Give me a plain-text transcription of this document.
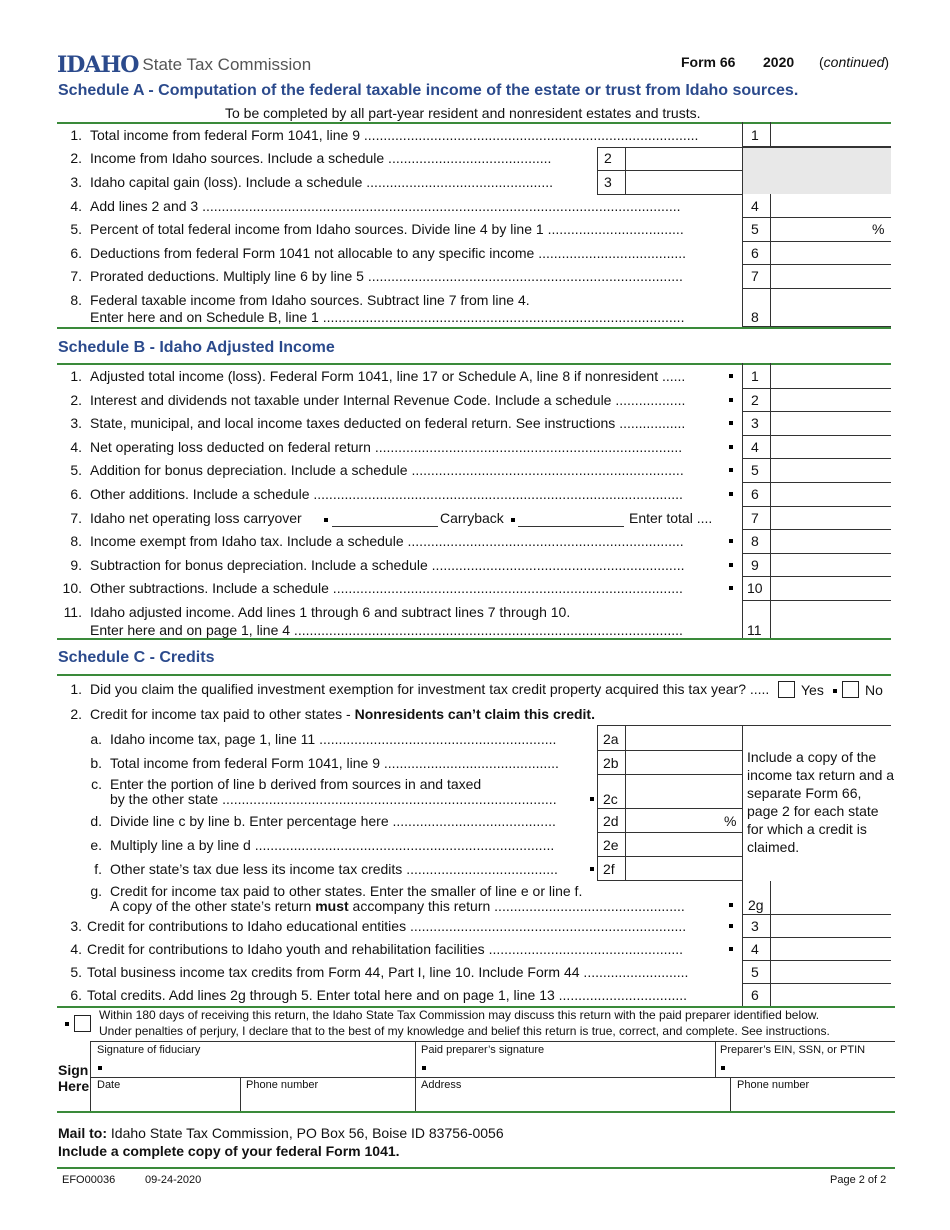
IDAHO State Tax Commission	Form 66 2020 (continued)
Schedule A - Computation of the federal taxable income of the estate or trust from Idaho sources.
To be completed by all part-year resident and nonresident estates and trusts.
1. Total income from federal Form 1041, line 9 ......................................................................................	1
2. Income from Idaho sources. Include a schedule ..........................................	2
3. Idaho capital gain (loss). Include a schedule ................................................	3
4. Add lines 2 and 3 ...........................................................................................................................	4
5. Percent of total federal income from Idaho sources. Divide line 4 by line 1 ...................................	5	%
6. Deductions from federal Form 1041 not allocable to any specific income ......................................	6
7. Prorated deductions. Multiply line 6 by line 5 .................................................................................	7
8. Federal taxable income from Idaho sources. Subtract line 7 from line 4.
Enter here and on Schedule B, line 1 .............................................................................................	8
Schedule B - Idaho Adjusted Income
1. Adjusted total income (loss). Federal Form 1041, line 17 or Schedule A, line 8 if nonresident ......	1
2. Interest and dividends not taxable under Internal Revenue Code. Include a schedule ..................	2
3. State, municipal, and local income taxes deducted on federal return. See instructions .................	3
4. Net operating loss deducted on federal return ...............................................................................	4
5. Addition for bonus depreciation. Include a schedule ......................................................................	5
6. Other additions. Include a schedule ...............................................................................................	6
7. Idaho net operating loss carryover	Carryback	Enter total ....	7
8. Income exempt from Idaho tax. Include a schedule .......................................................................	8
9. Subtraction for bonus depreciation. Include a schedule .................................................................	9
10. Other subtractions. Include a schedule ..........................................................................................	10
11. Idaho adjusted income. Add lines 1 through 6 and subtract lines 7 through 10.
Enter here and on page 1, line 4 ....................................................................................................	11
Schedule C - Credits
1. Did you claim the qualified investment exemption for investment tax credit property acquired this tax year? .....	Yes	No
2. Credit for income tax paid to other states - Nonresidents can’t claim this credit.
a. Idaho income tax, page 1, line 11 .............................................................	2a
b. Total income from federal Form 1041, line 9 .............................................	2b
c. Enter the portion of line b derived from sources in and taxed
by the other state ......................................................................................	2c
d. Divide line c by line b. Enter percentage here ..........................................	2d	%
e. Multiply line a by line d .............................................................................	2e
f. Other state’s tax due less its income tax credits .......................................	2f
Include a copy of the income tax return and a separate Form 66, page 2 for each state for which a credit is claimed.
g. Credit for income tax paid to other states. Enter the smaller of line e or line f.
A copy of the other state’s return must accompany this return .................................................	2g
3. Credit for contributions to Idaho educational entities .......................................................................	3
4. Credit for contributions to Idaho youth and rehabilitation facilities ..................................................	4
5. Total business income tax credits from Form 44, Part I, line 10. Include Form 44 ...........................	5
6. Total credits. Add lines 2g through 5. Enter total here and on page 1, line 13 .................................	6
Within 180 days of receiving this return, the Idaho State Tax Commission may discuss this return with the paid preparer identified below.
Under penalties of perjury, I declare that to the best of my knowledge and belief this return is true, correct, and complete. See instructions.
Sign
Here
Signature of fiduciary	Paid preparer’s signature	Preparer’s EIN, SSN, or PTIN
Date	Phone number	Address	Phone number
Mail to: Idaho State Tax Commission, PO Box 56, Boise ID 83756-0056
Include a complete copy of your federal Form 1041.
EFO00036	09-24-2020	Page 2 of 2
